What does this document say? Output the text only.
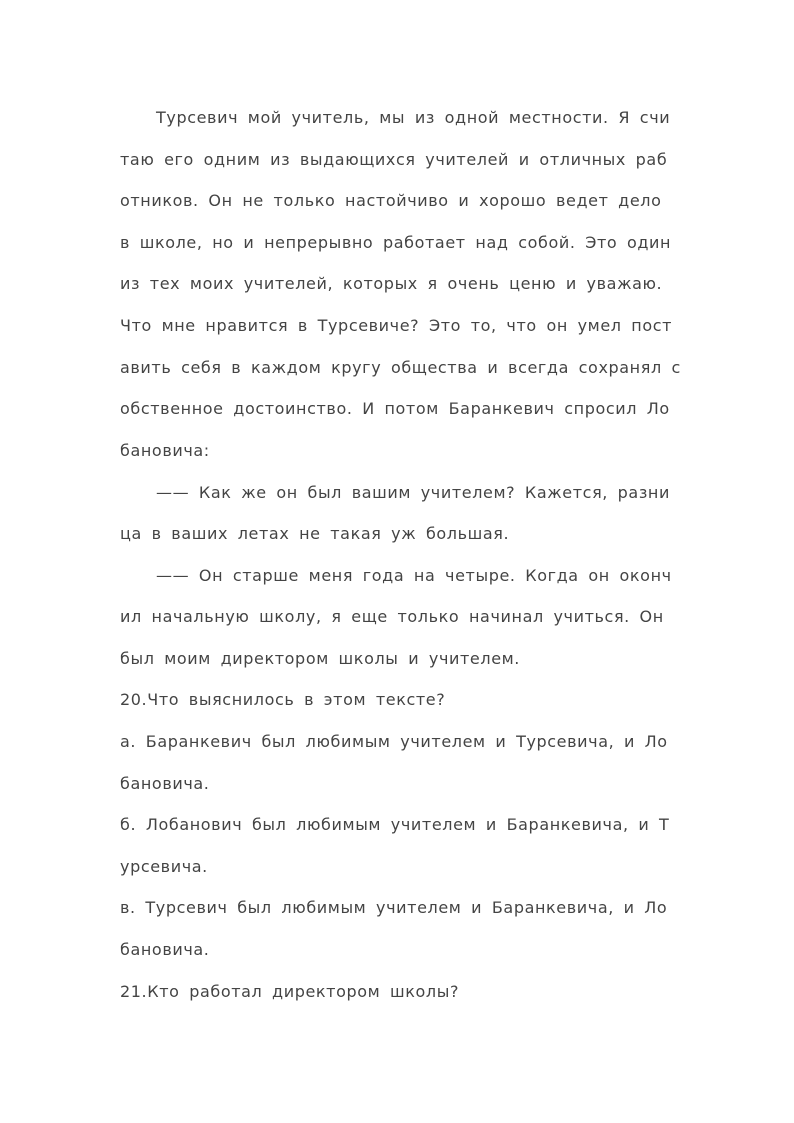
Турсевич мой учитель, мы из одной местности. Я счи
таю его одним из выдающихся учителей и отличных раб
отников. Он не только настойчиво и хорошо ведет дело
в школе, но и непрерывно работает над собой. Это один
из тех моих учителей, которых я очень ценю и уважаю.
Что мне нравится в Турсевиче? Это то, что он умел пост
авить себя в каждом кругу общества и всегда сохранял с
обственное достоинство. И потом Баранкевич спросил Ло
бановича:
—— Как же он был вашим учителем? Кажется, разни
ца в ваших летах не такая уж большая.
—— Он старше меня года на четыре. Когда он оконч
ил начальную школу, я еще только начинал учиться. Он
был моим директором школы и учителем.
20.Что выяснилось в этом тексте?
а. Баранкевич был любимым учителем и Турсевича, и Ло
бановича.
б. Лобанович был любимым учителем и Баранкевича, и Т
урсевича.
в. Турсевич был любимым учителем и Баранкевича, и Ло
бановича.
21.Кто работал директором школы?
